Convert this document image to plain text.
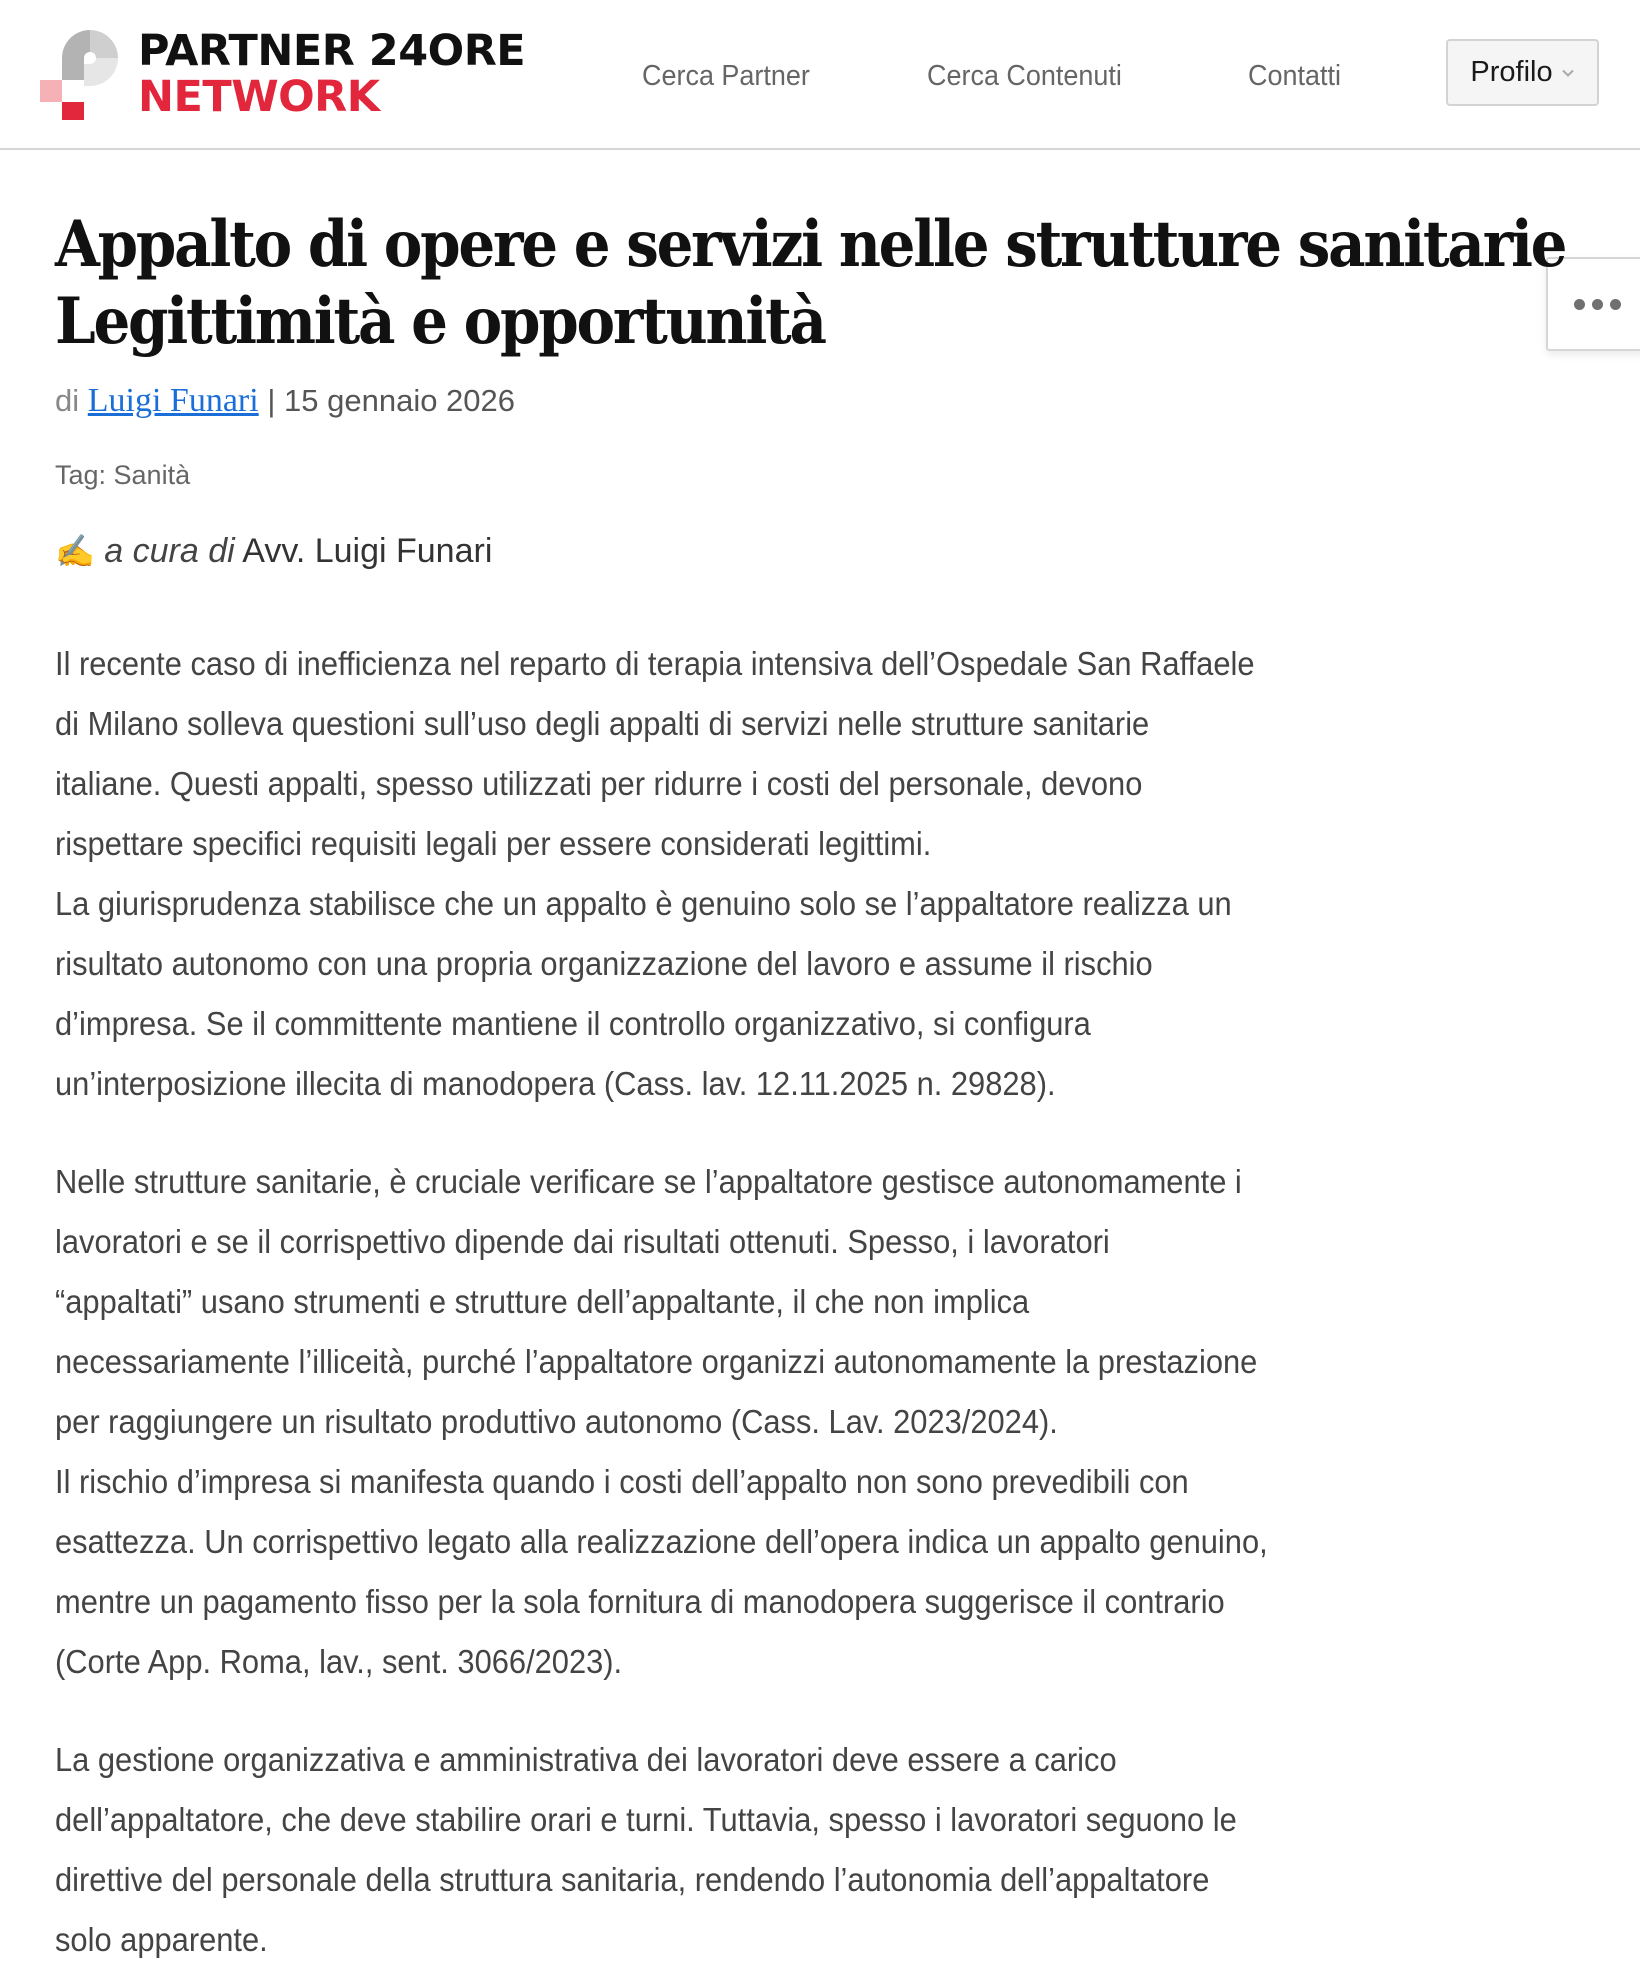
PARTNER 24ORE
NETWORK	Cerca Partner	Cerca Contenuti	Contatti	Profilo
Appalto di opere e servizi nelle strutture sanitarie
Legittimità e opportunità
di Luigi Funari | 15 gennaio 2026
Tag: Sanità
✍ a cura di Avv. Luigi Funari

Il recente caso di inefficienza nel reparto di terapia intensiva dell’Ospedale San Raffaele
di Milano solleva questioni sull’uso degli appalti di servizi nelle strutture sanitarie
italiane. Questi appalti, spesso utilizzati per ridurre i costi del personale, devono
rispettare specifici requisiti legali per essere considerati legittimi.
La giurisprudenza stabilisce che un appalto è genuino solo se l’appaltatore realizza un
risultato autonomo con una propria organizzazione del lavoro e assume il rischio
d’impresa. Se il committente mantiene il controllo organizzativo, si configura
un’interposizione illecita di manodopera (Cass. lav. 12.11.2025 n. 29828).

Nelle strutture sanitarie, è cruciale verificare se l’appaltatore gestisce autonomamente i
lavoratori e se il corrispettivo dipende dai risultati ottenuti. Spesso, i lavoratori
“appaltati” usano strumenti e strutture dell’appaltante, il che non implica
necessariamente l’illiceità, purché l’appaltatore organizzi autonomamente la prestazione
per raggiungere un risultato produttivo autonomo (Cass. Lav. 2023/2024).
Il rischio d’impresa si manifesta quando i costi dell’appalto non sono prevedibili con
esattezza. Un corrispettivo legato alla realizzazione dell’opera indica un appalto genuino,
mentre un pagamento fisso per la sola fornitura di manodopera suggerisce il contrario
(Corte App. Roma, lav., sent. 3066/2023).

La gestione organizzativa e amministrativa dei lavoratori deve essere a carico
dell’appaltatore, che deve stabilire orari e turni. Tuttavia, spesso i lavoratori seguono le
direttive del personale della struttura sanitaria, rendendo l’autonomia dell’appaltatore
solo apparente.
